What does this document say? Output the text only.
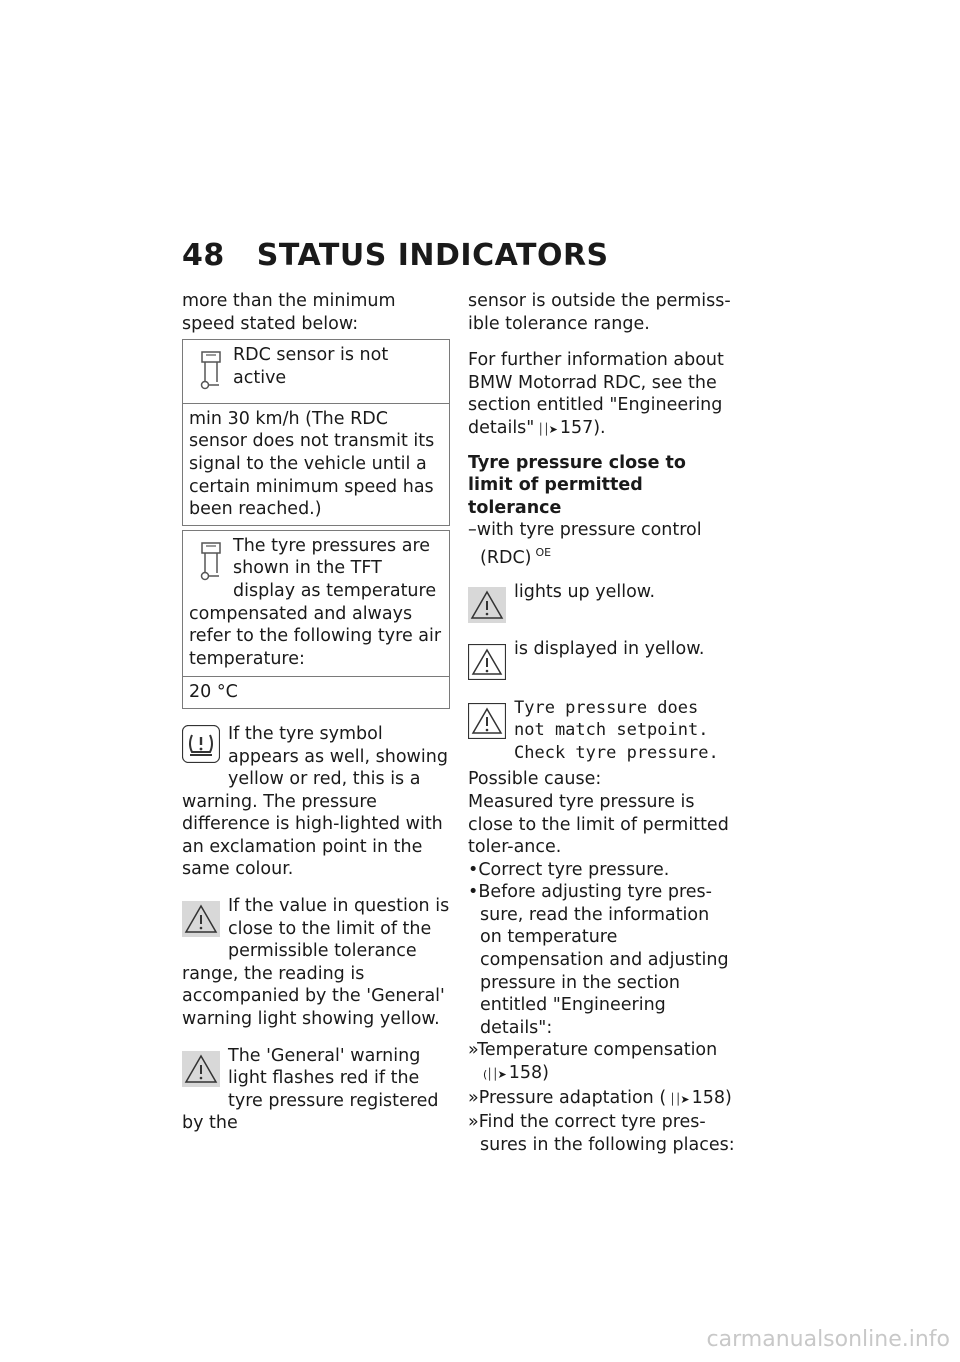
48 STATUS INDICATORS

more than the minimum speed stated below:

RDC sensor is not active
min 30 km/h (The RDC sensor does not transmit its signal to the vehicle until a certain minimum speed has been reached.)
The tyre pressures are shown in the TFT display as temperature compensated and always refer to the following tyre air temperature:
20 °C
If the tyre symbol appears as well, showing yellow or red, this is a warning. The pressure difference is high-lighted with an exclamation point in the same colour.
If the value in question is close to the limit of the permissible tolerance range, the reading is accompanied by the 'General' warning light showing yellow.
The 'General' warning light flashes red if the tyre pressure registered by the

sensor is outside the permiss-ible tolerance range.

For further information about BMW Motorrad RDC, see the section entitled "Engineering details" ││➤ 157).

Tyre pressure close to limit of permitted tolerance

–with tyre pressure control (RDC) $^{OE}$

lights up yellow.
is displayed in yellow.
Tyre pressure does
not match setpoint.
Check tyre pressure.

Possible cause:

Measured tyre pressure is close to the limit of permitted toler-ance.

•Correct tyre pressure.
•Before adjusting tyre pres-sure, read the information on temperature compensation and adjusting pressure in the section entitled "Engineering details":
»Temperature compensation
(││➤ 158)
»Pressure adaptation ( ││➤ 158)
»Find the correct tyre pres-sures in the following places:
carmanualsonline.info
